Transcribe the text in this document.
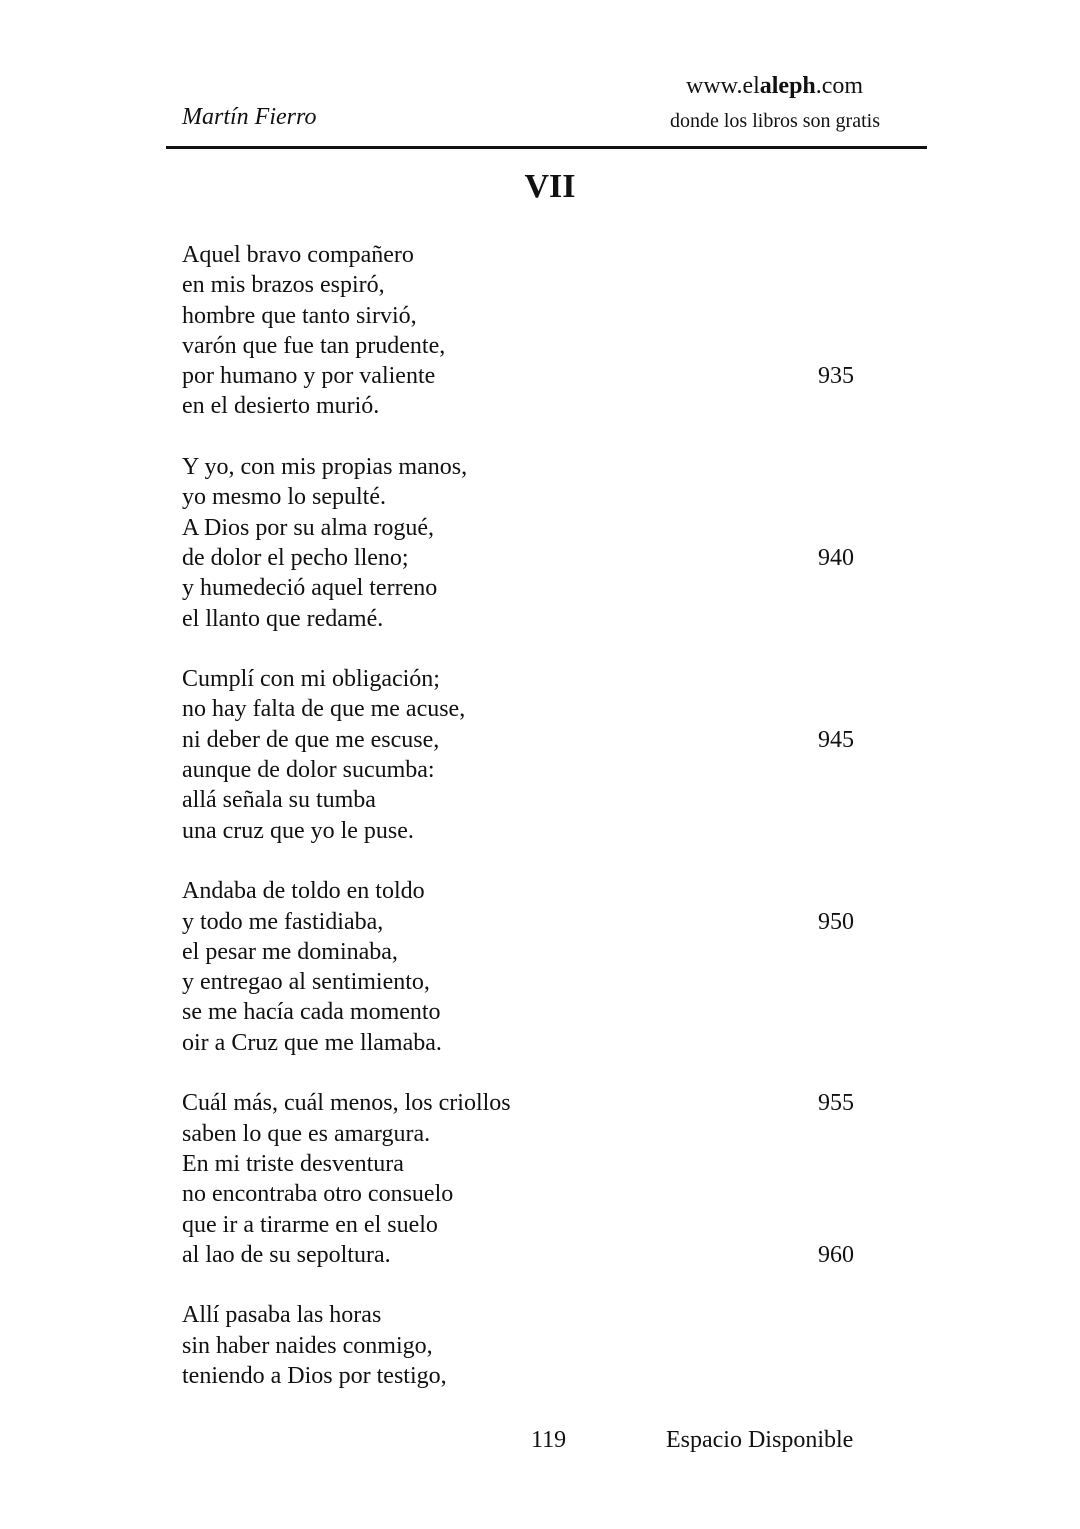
Martín Fierro
www.elaleph.com
donde los libros son gratis
VII
Aquel bravo compañero
en mis brazos espiró,
hombre que tanto sirvió,
varón que fue tan prudente,
por humano y por valiente	935
en el desierto murió.
Y yo, con mis propias manos,
yo mesmo lo sepulté.
A Dios por su alma rogué,
de dolor el pecho lleno;	940
y humedeció aquel terreno
el llanto que redamé.
Cumplí con mi obligación;
no hay falta de que me acuse,
ni deber de que me escuse,	945
aunque de dolor sucumba:
allá señala su tumba
una cruz que yo le puse.
Andaba de toldo en toldo
y todo me fastidiaba,	950
el pesar me dominaba,
y entregao al sentimiento,
se me hacía cada momento
oir a Cruz que me llamaba.
Cuál más, cuál menos, los criollos	955
saben lo que es amargura.
En mi triste desventura
no encontraba otro consuelo
que ir a tirarme en el suelo
al lao de su sepoltura.	960
Allí pasaba las horas
sin haber naides conmigo,
teniendo a Dios por testigo,
119	Espacio Disponible
